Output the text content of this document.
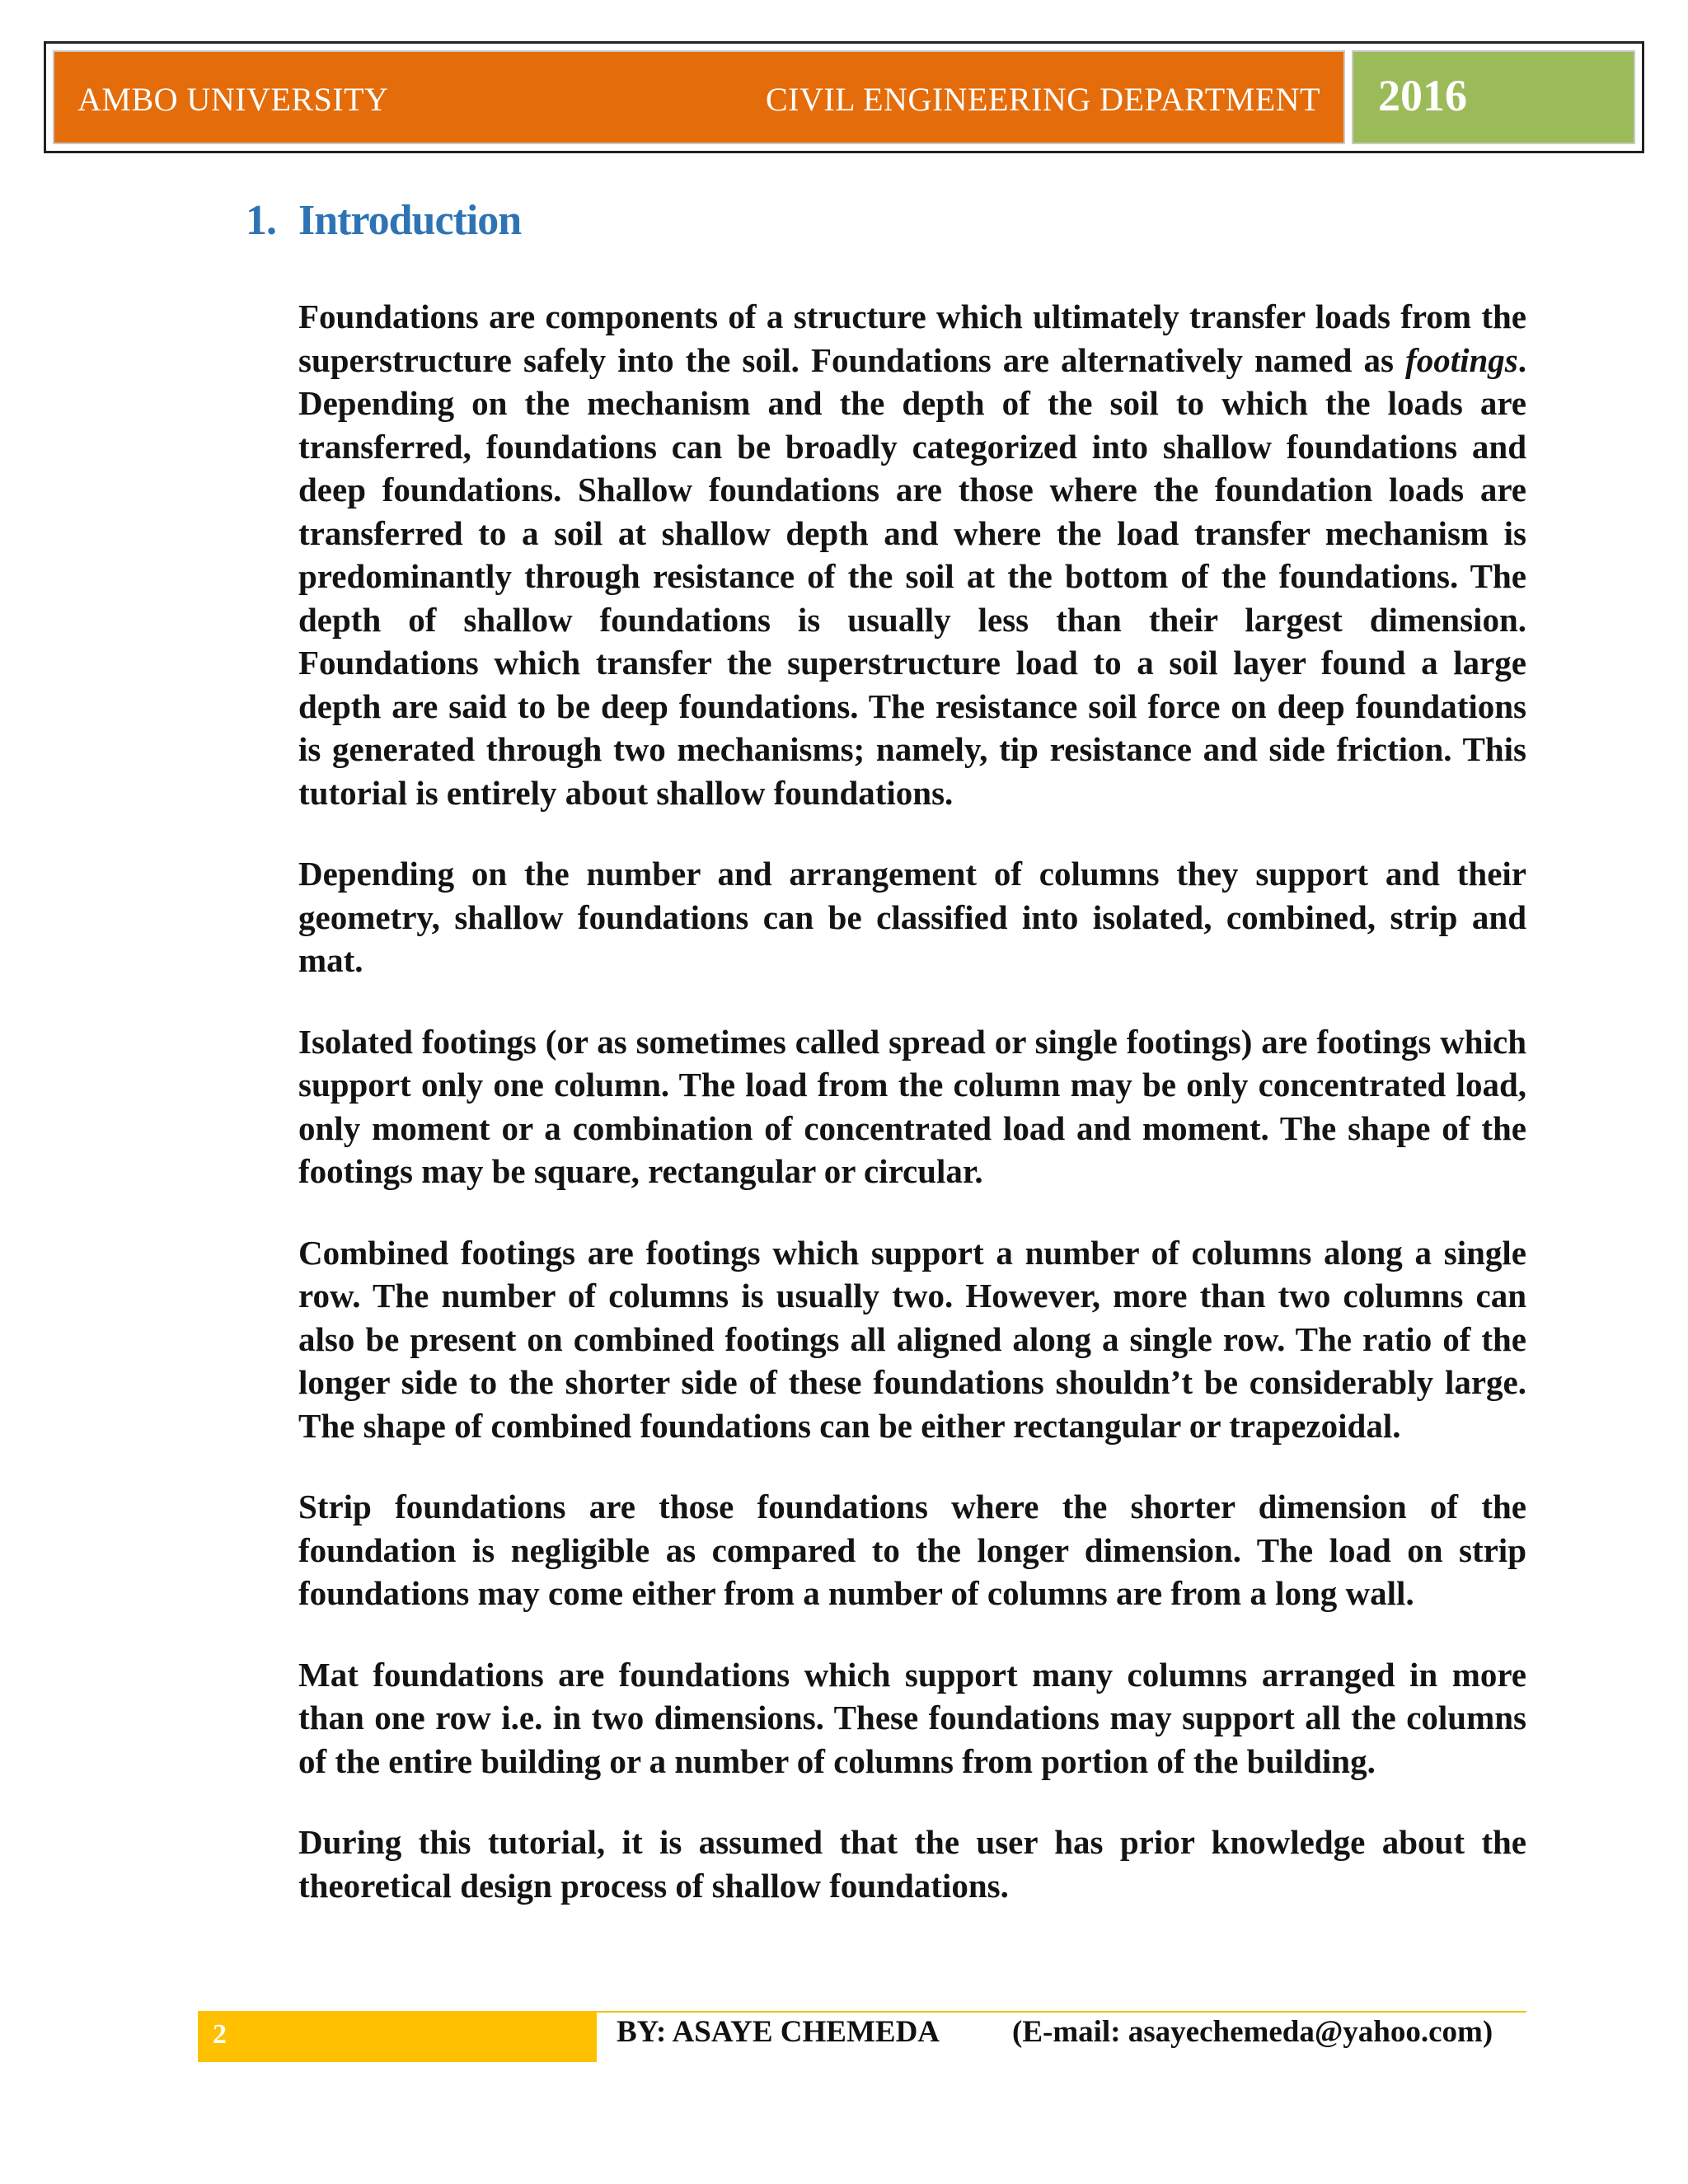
AMBO UNIVERSITY	CIVIL ENGINEERING DEPARTMENT 2016
1. Introduction

Foundations are components of a structure which ultimately transfer loads from the superstructure safely into the soil. Foundations are alternatively named as footings. Depending on the mechanism and the depth of the soil to which the loads are transferred, foundations can be broadly categorized into shallow foundations and deep foundations. Shallow foundations are those where the foundation loads are transferred to a soil at shallow depth and where the load transfer mechanism is predominantly through resistance of the soil at the bottom of the foundations. The depth of shallow foundations is usually less than their largest dimension. Foundations which transfer the superstructure load to a soil layer found a large depth are said to be deep foundations. The resistance soil force on deep foundations is generated through two mechanisms; namely, tip resistance and side friction. This tutorial is entirely about shallow foundations.

Depending on the number and arrangement of columns they support and their geometry, shallow foundations can be classified into isolated, combined, strip and mat.

Isolated footings (or as sometimes called spread or single footings) are footings which support only one column. The load from the column may be only concentrated load, only moment or a combination of concentrated load and moment. The shape of the footings may be square, rectangular or circular.

Combined footings are footings which support a number of columns along a single row. The number of columns is usually two. However, more than two columns can also be present on combined footings all aligned along a single row. The ratio of the longer side to the shorter side of these foundations shouldn’t be considerably large. The shape of combined foundations can be either rectangular or trapezoidal.

Strip foundations are those foundations where the shorter dimension of the foundation is negligible as compared to the longer dimension. The load on strip foundations may come either from a number of columns are from a long wall.

Mat foundations are foundations which support many columns arranged in more than one row i.e. in two dimensions. These foundations may support all the columns of the entire building or a number of columns from portion of the building.

During this tutorial, it is assumed that the user has prior knowledge about the theoretical design process of shallow foundations.

2	BY: ASAYE CHEMEDA (E-mail: asayechemeda@yahoo.com)
